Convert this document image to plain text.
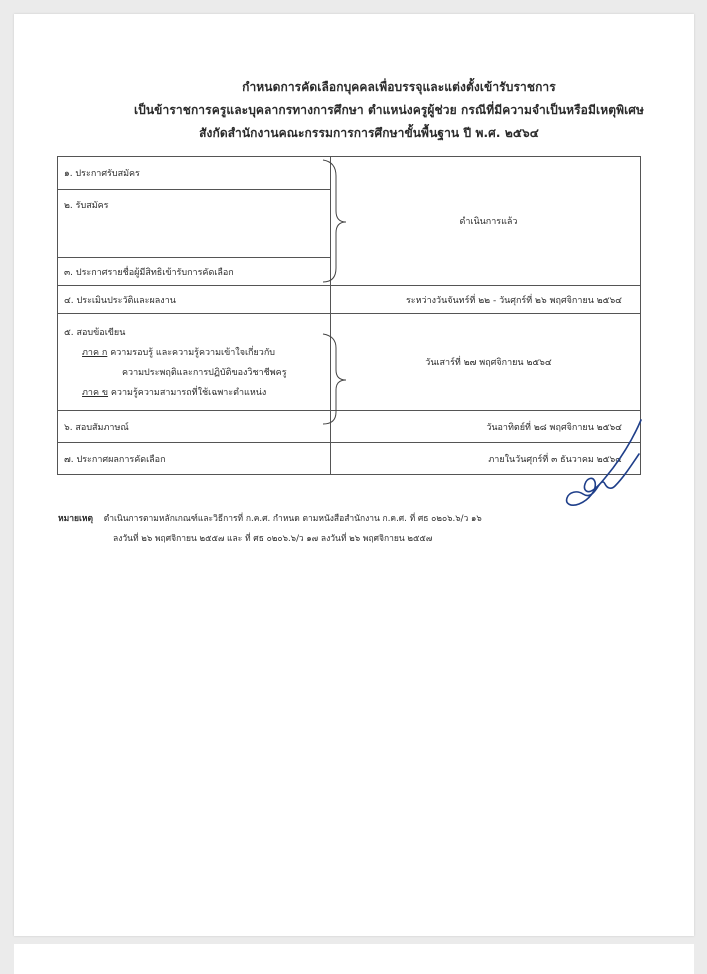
กำหนดการคัดเลือกบุคคลเพื่อบรรจุและแต่งตั้งเข้ารับราชการ
เป็นข้าราชการครูและบุคลากรทางการศึกษา ตำแหน่งครูผู้ช่วย กรณีที่มีความจำเป็นหรือมีเหตุพิเศษ
สังกัดสำนักงานคณะกรรมการการศึกษาขั้นพื้นฐาน ปี พ.ศ. ๒๕๖๔
๑. ประกาศรับสมัคร	ดำเนินการแล้ว
๒. รับสมัคร	
๓. ประกาศรายชื่อผู้มีสิทธิเข้ารับการคัดเลือก	
๔. ประเมินประวัติและผลงาน	ระหว่างวันจันทร์ที่ ๒๒ - วันศุกร์ที่ ๒๖ พฤศจิกายน ๒๕๖๔

๕. สอบข้อเขียน
ภาค ก ความรอบรู้ และความรู้ความเข้าใจเกี่ยวกับ
ความประพฤติและการปฏิบัติของวิชาชีพครู
ภาค ข ความรู้ความสามารถที่ใช้เฉพาะตำแหน่ง	วันเสาร์ที่ ๒๗ พฤศจิกายน ๒๕๖๔
๖. สอบสัมภาษณ์	วันอาทิตย์ที่ ๒๘ พฤศจิกายน ๒๕๖๔
๗. ประกาศผลการคัดเลือก	ภายในวันศุกร์ที่ ๓ ธันวาคม ๒๕๖๔
หมายเหตุ ดำเนินการตามหลักเกณฑ์และวิธีการที่ ก.ค.ศ. กำหนด ตามหนังสือสำนักงาน ก.ค.ศ. ที่ ศธ ๐๒๐๖.๖/ว ๑๖
ลงวันที่ ๒๖ พฤศจิกายน ๒๕๕๗ และ ที่ ศธ ๐๒๐๖.๖/ว ๑๗ ลงวันที่ ๒๖ พฤศจิกายน ๒๕๕๗
